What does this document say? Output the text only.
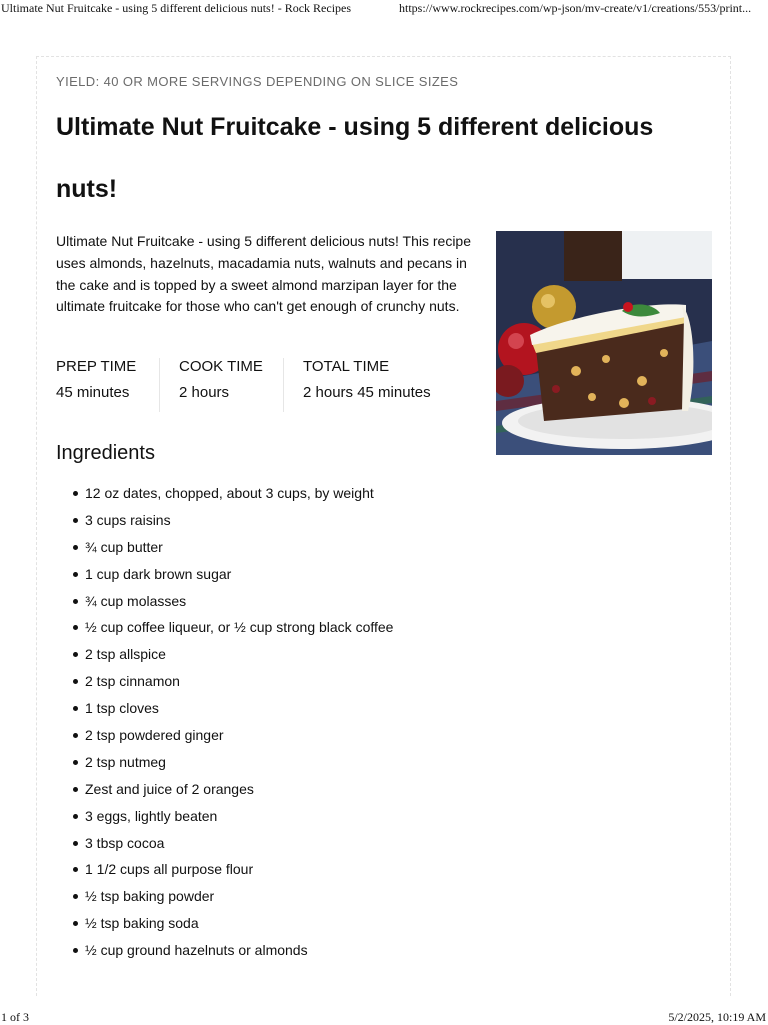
Ultimate Nut Fruitcake - using 5 different delicious nuts! - Rock Recipes	https://www.rockrecipes.com/wp-json/mv-create/v1/creations/553/print...
YIELD: 40 OR MORE SERVINGS DEPENDING ON SLICE SIZES
Ultimate Nut Fruitcake - using 5 different delicious nuts!
Ultimate Nut Fruitcake - using 5 different delicious nuts! This recipe uses almonds, hazelnuts, macadamia nuts, walnuts and pecans in the cake and is topped by a sweet almond marzipan layer for the ultimate fruitcake for those who can't get enough of crunchy nuts.
PREP TIME
45 minutes
COOK TIME
2 hours
TOTAL TIME
2 hours 45 minutes
Ingredients
12 oz dates, chopped, about 3 cups, by weight
3 cups raisins
¾ cup butter
1 cup dark brown sugar
¾ cup molasses
½ cup coffee liqueur, or ½ cup strong black coffee
2 tsp allspice
2 tsp cinnamon
1 tsp cloves
2 tsp powdered ginger
2 tsp nutmeg
Zest and juice of 2 oranges
3 eggs, lightly beaten
3 tbsp cocoa
1 1/2 cups all purpose flour
½ tsp baking powder
½ tsp baking soda
½ cup ground hazelnuts or almonds
1 of 3	5/2/2025, 10:19 AM
